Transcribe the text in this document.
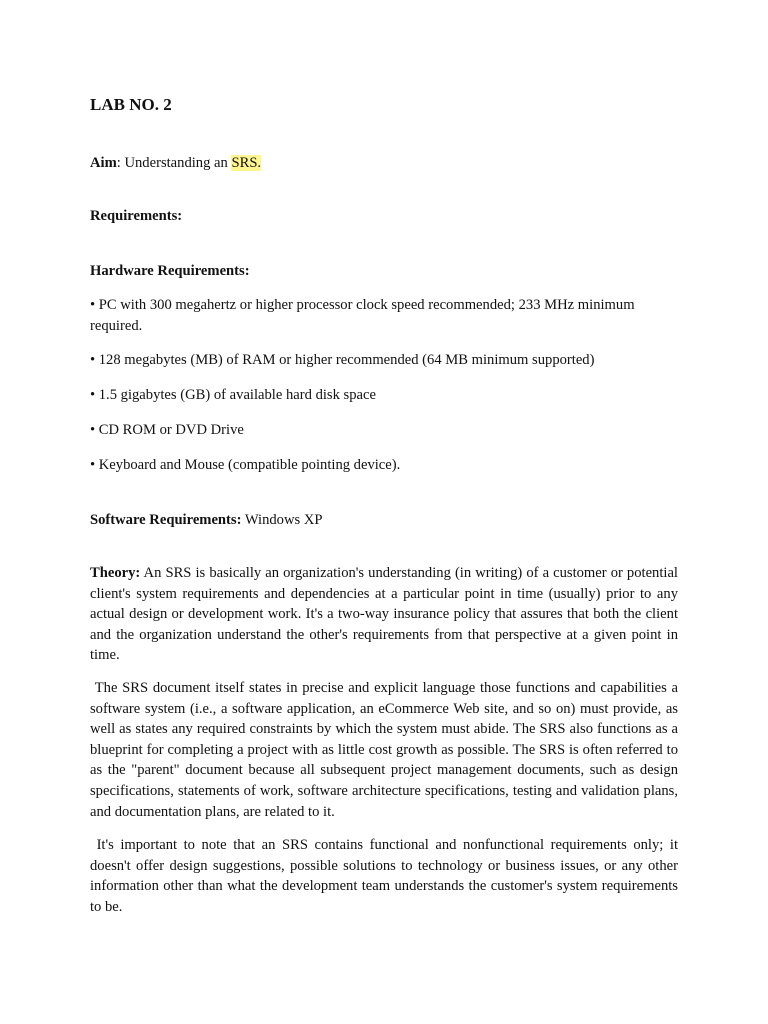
LAB NO. 2

Aim: Understanding an SRS.

Requirements:

Hardware Requirements:

• PC with 300 megahertz or higher processor clock speed recommended; 233 MHz minimum required.

• 128 megabytes (MB) of RAM or higher recommended (64 MB minimum supported)

• 1.5 gigabytes (GB) of available hard disk space

• CD ROM or DVD Drive

• Keyboard and Mouse (compatible pointing device).

Software Requirements: Windows XP

Theory: An SRS is basically an organization's understanding (in writing) of a customer or potential client's system requirements and dependencies at a particular point in time (usually) prior to any actual design or development work. It's a two-way insurance policy that assures that both the client and the organization understand the other's requirements from that perspective at a given point in time.

The SRS document itself states in precise and explicit language those functions and capabilities a software system (i.e., a software application, an eCommerce Web site, and so on) must provide, as well as states any required constraints by which the system must abide. The SRS also functions as a blueprint for completing a project with as little cost growth as possible. The SRS is often referred to as the "parent" document because all subsequent project management documents, such as design specifications, statements of work, software architecture specifications, testing and validation plans, and documentation plans, are related to it.

It's important to note that an SRS contains functional and nonfunctional requirements only; it doesn't offer design suggestions, possible solutions to technology or business issues, or any other information other than what the development team understands the customer's system requirements to be.
